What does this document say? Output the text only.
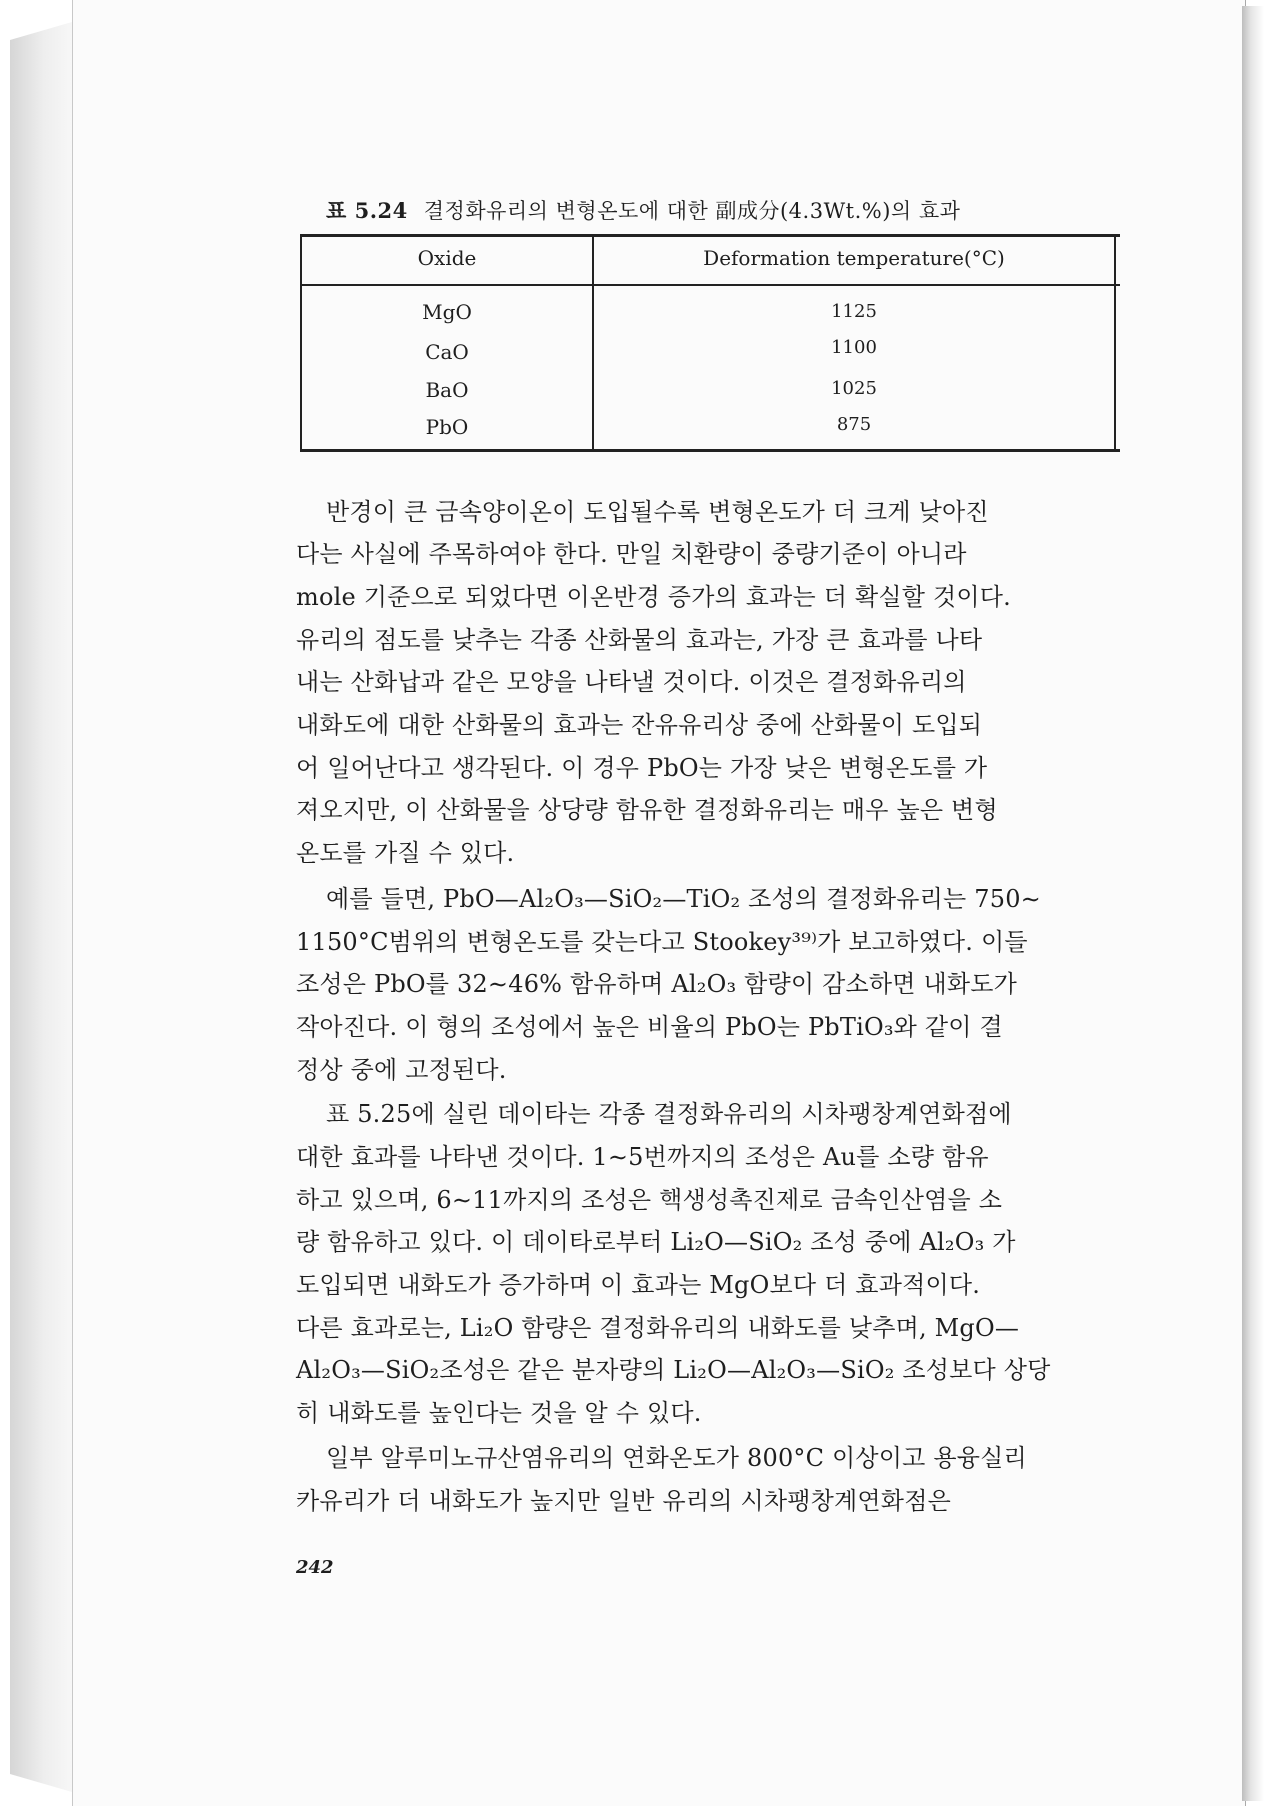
표 5.24 결정화유리의 변형온도에 대한 副成分(4.3Wt.%)의 효과
Oxide	Deformation temperature(°C)
MgO	1125
CaO	1100
BaO	1025
PbO	875
반경이 큰 금속양이온이 도입될수록 변형온도가 더 크게 낮아진
다는 사실에 주목하여야 한다. 만일 치환량이 중량기준이 아니라
mole 기준으로 되었다면 이온반경 증가의 효과는 더 확실할 것이다.
유리의 점도를 낮추는 각종 산화물의 효과는, 가장 큰 효과를 나타
내는 산화납과 같은 모양을 나타낼 것이다. 이것은 결정화유리의
내화도에 대한 산화물의 효과는 잔유유리상 중에 산화물이 도입되
어 일어난다고 생각된다. 이 경우 PbO는 가장 낮은 변형온도를 가
져오지만, 이 산화물을 상당량 함유한 결정화유리는 매우 높은 변형
온도를 가질 수 있다.
예를 들면, PbO—Al₂O₃—SiO₂—TiO₂ 조성의 결정화유리는 750∼
1150°C범위의 변형온도를 갖는다고 Stookey³⁹⁾가 보고하였다. 이들
조성은 PbO를 32∼46% 함유하며 Al₂O₃ 함량이 감소하면 내화도가
작아진다. 이 형의 조성에서 높은 비율의 PbO는 PbTiO₃와 같이 결
정상 중에 고정된다.
표 5.25에 실린 데이타는 각종 결정화유리의 시차팽창계연화점에
대한 효과를 나타낸 것이다. 1∼5번까지의 조성은 Au를 소량 함유
하고 있으며, 6∼11까지의 조성은 핵생성촉진제로 금속인산염을 소
량 함유하고 있다. 이 데이타로부터 Li₂O—SiO₂ 조성 중에 Al₂O₃ 가
도입되면 내화도가 증가하며 이 효과는 MgO보다 더 효과적이다.
다른 효과로는, Li₂O 함량은 결정화유리의 내화도를 낮추며, MgO—
Al₂O₃—SiO₂조성은 같은 분자량의 Li₂O—Al₂O₃—SiO₂ 조성보다 상당
히 내화도를 높인다는 것을 알 수 있다.
일부 알루미노규산염유리의 연화온도가 800°C 이상이고 용융실리
카유리가 더 내화도가 높지만 일반 유리의 시차팽창계연화점은
242
